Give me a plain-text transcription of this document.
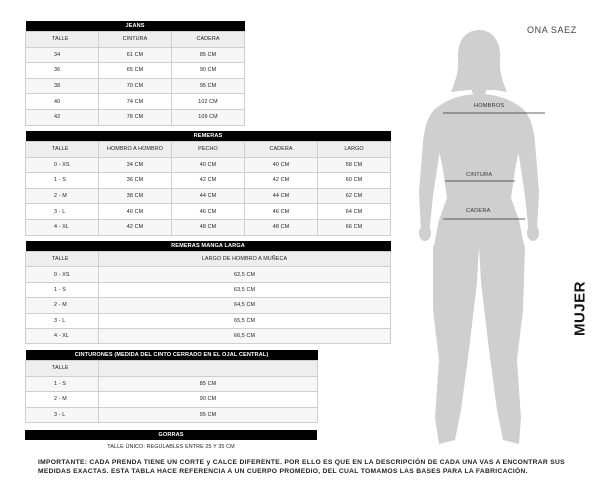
JEANS		
TALLE	CINTURA	CADERA
34	61 CM	85 CM
36	65 CM	90 CM
38	70 CM	95 CM
40	74 CM	102 CM
42	78 CM	109 CM
REMERAS				
TALLE	HOMBRO A HOMBRO	PECHO	CADERA	LARGO
0 - XS	34 CM	40 CM	40 CM	58 CM
1 - S	36 CM	42 CM	42 CM	60 CM
2 - M	38 CM	44 CM	44 CM	62 CM
3 - L	40 CM	46 CM	46 CM	64 CM
4 - XL	42 CM	48 CM	48 CM	66 CM
REMERAS MANGA LARGA	
TALLE	LARGO DE HOMBRO A MUÑECA
0 - XS	62,5 CM
1 - S	63,5 CM
2 - M	64,5 CM
3 - L	65,5 CM
4 - XL	66,5 CM
CINTURONES (MEDIDA DEL CINTO CERRADO EN EL OJAL CENTRAL)	
TALLE	
1 - S	85 CM
2 - M	90 CM
3 - L	95 CM
GORRAS
TALLE ÚNICO: REGULABLES ENTRE 25 Y 35 CM
ONA SAEZ
HOMBROS
CINTURA
CADERA
MUJER
IMPORTANTE: CADA PRENDA TIENE UN CORTE y CALCE DIFERENTE. POR ELLO ES QUE EN LA DESCRIPCIÓN DE CADA UNA VAS A ENCONTRAR SUS MEDIDAS EXACTAS. ESTA TABLA HACE REFERENCIA A UN CUERPO PROMEDIO, DEL CUAL TOMAMOS LAS BASES PARA LA FABRICACIÓN.
